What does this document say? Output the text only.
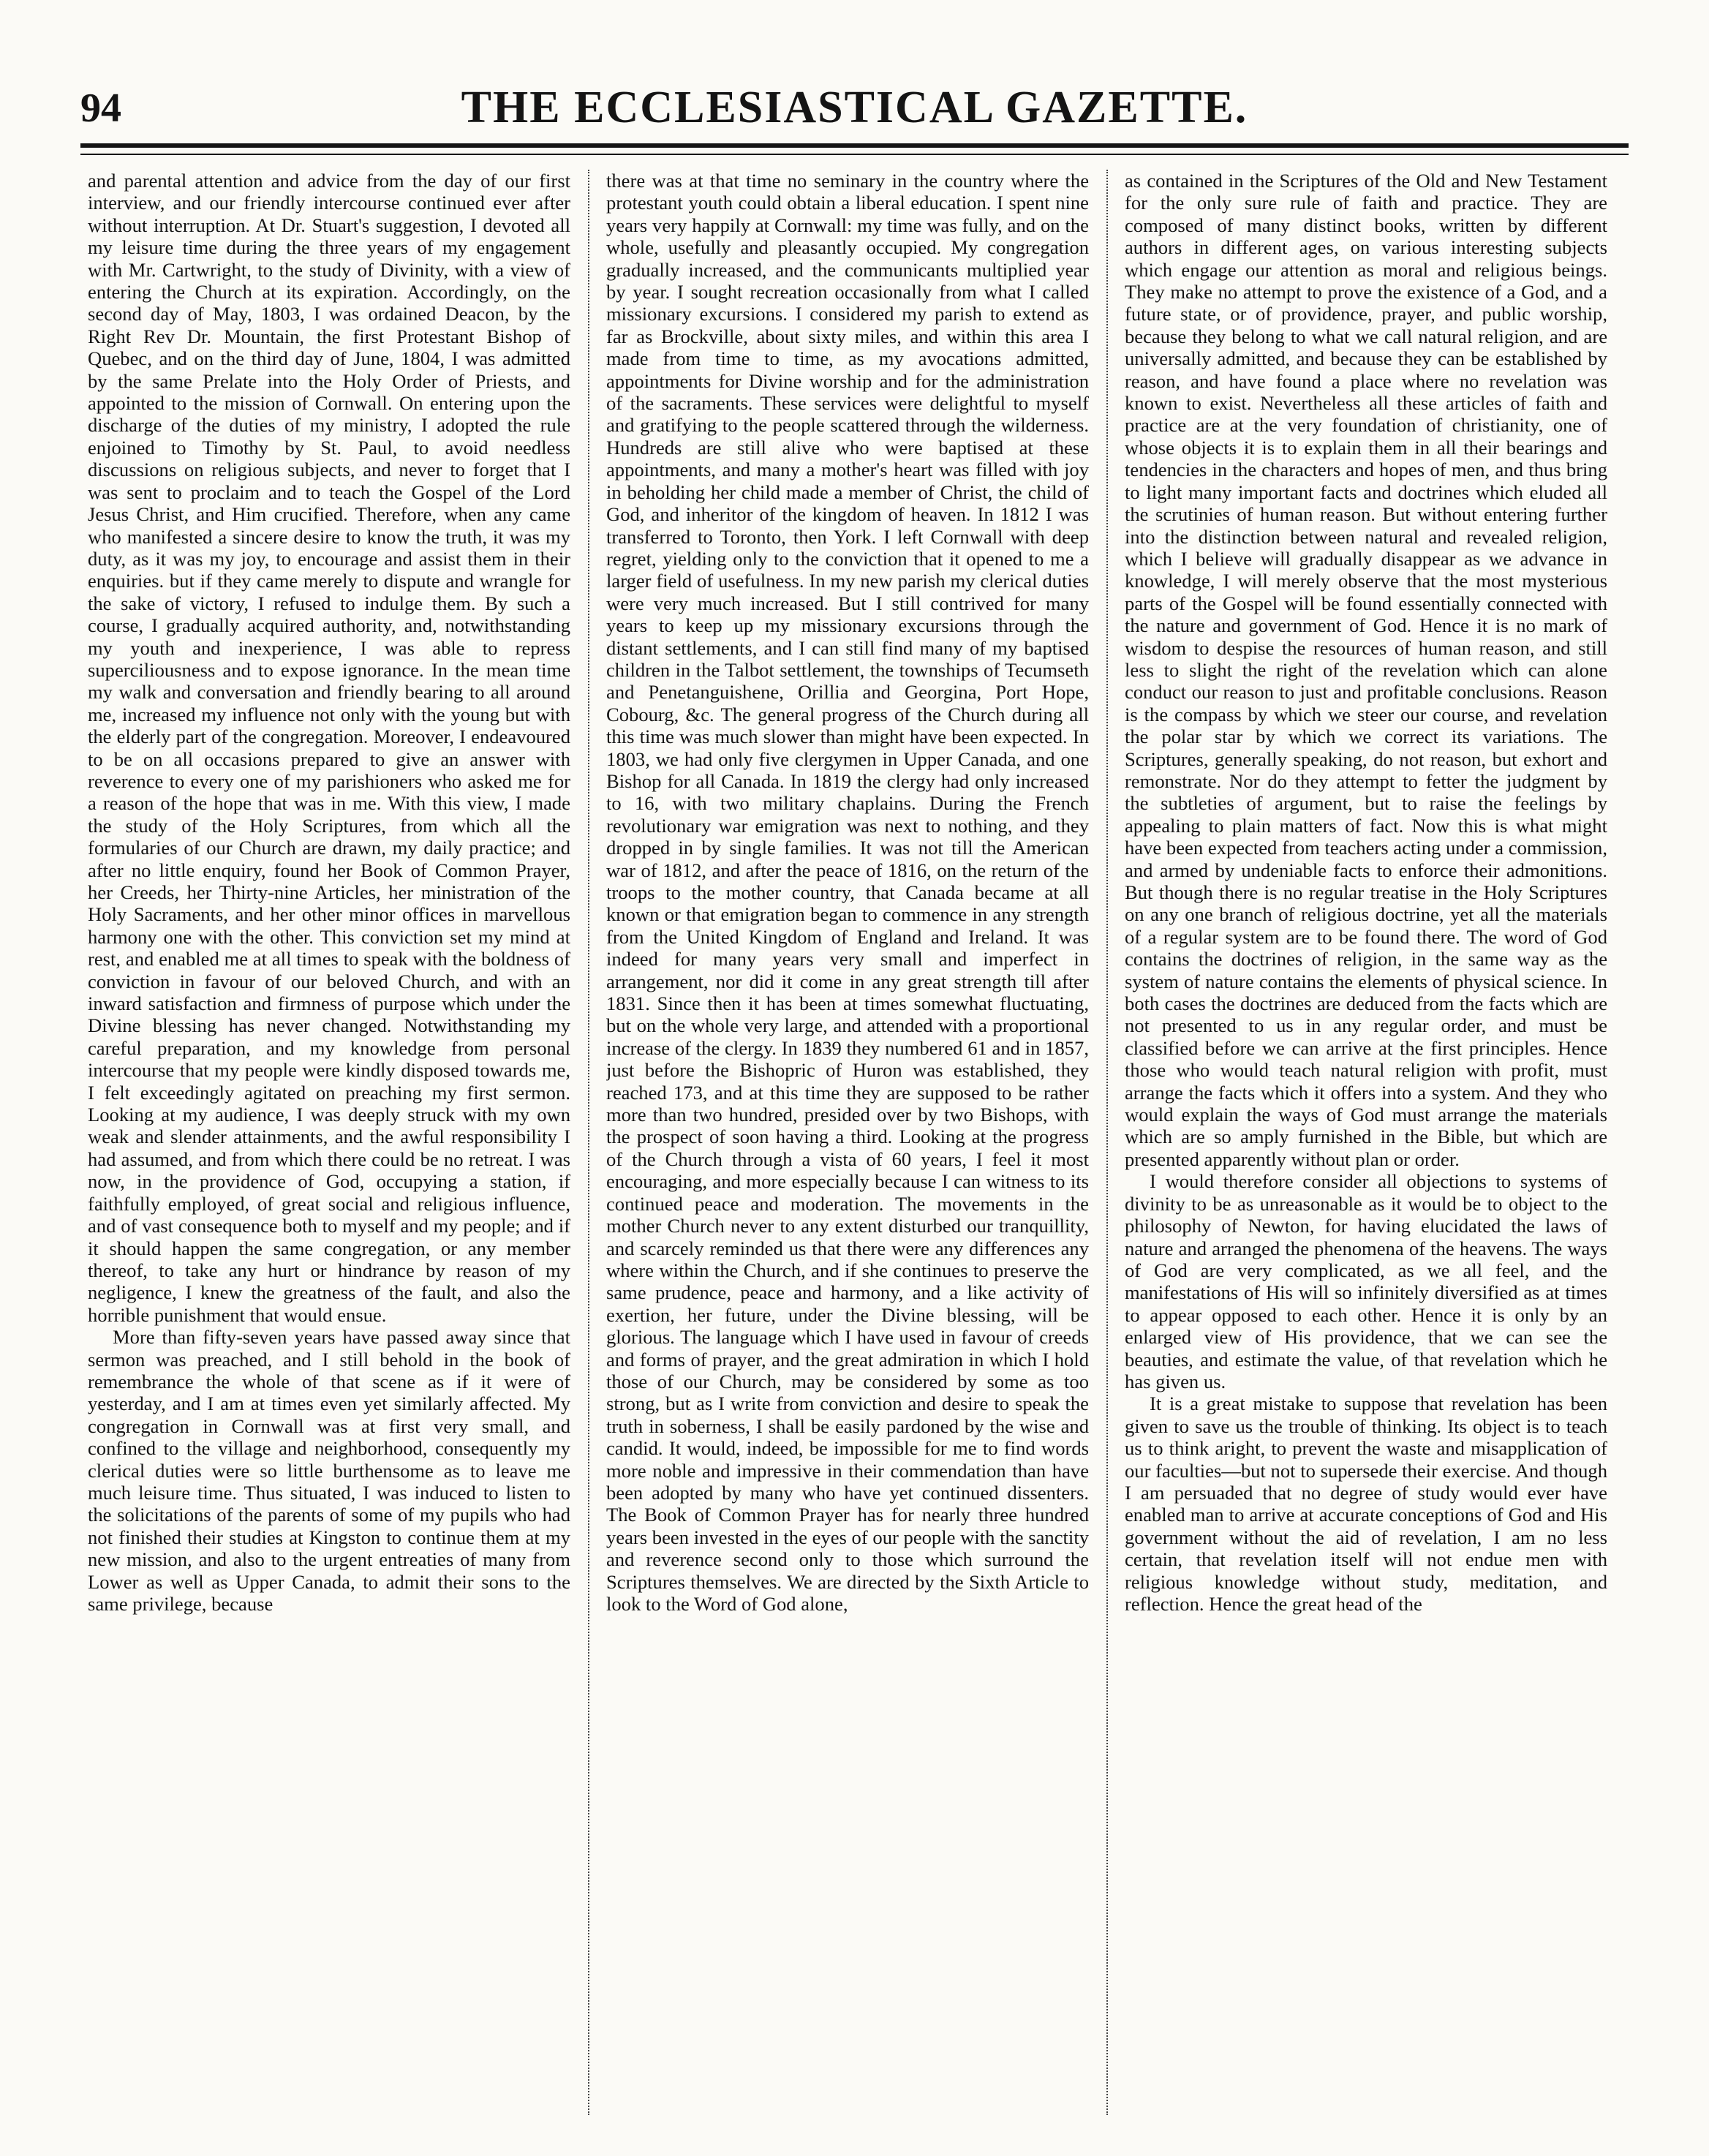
94	THE ECCLESIASTICAL GAZETTE.

and parental attention and advice from the day of our first interview, and our friendly intercourse continued ever after without interruption. At Dr. Stuart's suggestion, I devoted all my leisure time during the three years of my engagement with Mr. Cartwright, to the study of Divinity, with a view of entering the Church at its expiration. Accordingly, on the second day of May, 1803, I was ordained Deacon, by the Right Rev Dr. Mountain, the first Protestant Bishop of Quebec, and on the third day of June, 1804, I was admitted by the same Prelate into the Holy Order of Priests, and appointed to the mission of Cornwall. On entering upon the discharge of the duties of my ministry, I adopted the rule enjoined to Timothy by St. Paul, to avoid needless discussions on religious subjects, and never to forget that I was sent to proclaim and to teach the Gospel of the Lord Jesus Christ, and Him crucified. Therefore, when any came who manifested a sincere desire to know the truth, it was my duty, as it was my joy, to encourage and assist them in their enquiries. but if they came merely to dispute and wrangle for the sake of victory, I refused to indulge them. By such a course, I gradually acquired authority, and, notwithstanding my youth and inexperience, I was able to repress superciliousness and to expose ignorance. In the mean time my walk and conversation and friendly bearing to all around me, increased my influence not only with the young but with the elderly part of the congregation. Moreover, I endeavoured to be on all occasions prepared to give an answer with reverence to every one of my parishioners who asked me for a reason of the hope that was in me. With this view, I made the study of the Holy Scriptures, from which all the formularies of our Church are drawn, my daily practice; and after no little enquiry, found her Book of Common Prayer, her Creeds, her Thirty-nine Articles, her ministration of the Holy Sacraments, and her other minor offices in marvellous harmony one with the other. This conviction set my mind at rest, and enabled me at all times to speak with the boldness of conviction in favour of our beloved Church, and with an inward satisfaction and firmness of purpose which under the Divine blessing has never changed. Notwithstanding my careful preparation, and my knowledge from personal intercourse that my people were kindly disposed towards me, I felt exceedingly agitated on preaching my first sermon. Looking at my audience, I was deeply struck with my own weak and slender attainments, and the awful responsibility I had assumed, and from which there could be no retreat. I was now, in the providence of God, occupying a station, if faithfully employed, of great social and religious influence, and of vast consequence both to myself and my people; and if it should happen the same congregation, or any member thereof, to take any hurt or hindrance by reason of my negligence, I knew the greatness of the fault, and also the horrible punishment that would ensue.

More than fifty-seven years have passed away since that sermon was preached, and I still behold in the book of remembrance the whole of that scene as if it were of yesterday, and I am at times even yet similarly affected. My congregation in Cornwall was at first very small, and confined to the village and neighborhood, consequently my clerical duties were so little burthensome as to leave me much leisure time. Thus situated, I was induced to listen to the solicitations of the parents of some of my pupils who had not finished their studies at Kingston to continue them at my new mission, and also to the urgent entreaties of many from Lower as well as Upper Canada, to admit their sons to the same privilege, because

there was at that time no seminary in the country where the protestant youth could obtain a liberal education. I spent nine years very happily at Cornwall: my time was fully, and on the whole, usefully and pleasantly occupied. My congregation gradually increased, and the communicants multiplied year by year. I sought recreation occasionally from what I called missionary excursions. I considered my parish to extend as far as Brockville, about sixty miles, and within this area I made from time to time, as my avocations admitted, appointments for Divine worship and for the administration of the sacraments. These services were delightful to myself and gratifying to the people scattered through the wilderness. Hundreds are still alive who were baptised at these appointments, and many a mother's heart was filled with joy in beholding her child made a member of Christ, the child of God, and inheritor of the kingdom of heaven. In 1812 I was transferred to Toronto, then York. I left Cornwall with deep regret, yielding only to the conviction that it opened to me a larger field of usefulness. In my new parish my clerical duties were very much increased. But I still contrived for many years to keep up my missionary excursions through the distant settlements, and I can still find many of my baptised children in the Talbot settlement, the townships of Tecumseth and Penetanguishene, Orillia and Georgina, Port Hope, Cobourg, &c. The general progress of the Church during all this time was much slower than might have been expected. In 1803, we had only five clergymen in Upper Canada, and one Bishop for all Canada. In 1819 the clergy had only increased to 16, with two military chaplains. During the French revolutionary war emigration was next to nothing, and they dropped in by single families. It was not till the American war of 1812, and after the peace of 1816, on the return of the troops to the mother country, that Canada became at all known or that emigration began to commence in any strength from the United Kingdom of England and Ireland. It was indeed for many years very small and imperfect in arrangement, nor did it come in any great strength till after 1831. Since then it has been at times somewhat fluctuating, but on the whole very large, and attended with a proportional increase of the clergy. In 1839 they numbered 61 and in 1857, just before the Bishopric of Huron was established, they reached 173, and at this time they are supposed to be rather more than two hundred, presided over by two Bishops, with the prospect of soon having a third. Looking at the progress of the Church through a vista of 60 years, I feel it most encouraging, and more especially because I can witness to its continued peace and moderation. The movements in the mother Church never to any extent disturbed our tranquillity, and scarcely reminded us that there were any differences any where within the Church, and if she continues to preserve the same prudence, peace and harmony, and a like activity of exertion, her future, under the Divine blessing, will be glorious. The language which I have used in favour of creeds and forms of prayer, and the great admiration in which I hold those of our Church, may be considered by some as too strong, but as I write from conviction and desire to speak the truth in soberness, I shall be easily pardoned by the wise and candid. It would, indeed, be impossible for me to find words more noble and impressive in their commendation than have been adopted by many who have yet continued dissenters. The Book of Common Prayer has for nearly three hundred years been invested in the eyes of our people with the sanctity and reverence second only to those which surround the Scriptures themselves. We are directed by the Sixth Article to look to the Word of God alone,

as contained in the Scriptures of the Old and New Testament for the only sure rule of faith and practice. They are composed of many distinct books, written by different authors in different ages, on various interesting subjects which engage our attention as moral and religious beings. They make no attempt to prove the existence of a God, and a future state, or of providence, prayer, and public worship, because they belong to what we call natural religion, and are universally admitted, and because they can be established by reason, and have found a place where no revelation was known to exist. Nevertheless all these articles of faith and practice are at the very foundation of christianity, one of whose objects it is to explain them in all their bearings and tendencies in the characters and hopes of men, and thus bring to light many important facts and doctrines which eluded all the scrutinies of human reason. But without entering further into the distinction between natural and revealed religion, which I believe will gradually disappear as we advance in knowledge, I will merely observe that the most mysterious parts of the Gospel will be found essentially connected with the nature and government of God. Hence it is no mark of wisdom to despise the resources of human reason, and still less to slight the right of the revelation which can alone conduct our reason to just and profitable conclusions. Reason is the compass by which we steer our course, and revelation the polar star by which we correct its variations. The Scriptures, generally speaking, do not reason, but exhort and remonstrate. Nor do they attempt to fetter the judgment by the subtleties of argument, but to raise the feelings by appealing to plain matters of fact. Now this is what might have been expected from teachers acting under a commission, and armed by undeniable facts to enforce their admonitions. But though there is no regular treatise in the Holy Scriptures on any one branch of religious doctrine, yet all the materials of a regular system are to be found there. The word of God contains the doctrines of religion, in the same way as the system of nature contains the elements of physical science. In both cases the doctrines are deduced from the facts which are not presented to us in any regular order, and must be classified before we can arrive at the first principles. Hence those who would teach natural religion with profit, must arrange the facts which it offers into a system. And they who would explain the ways of God must arrange the materials which are so amply furnished in the Bible, but which are presented apparently without plan or order.

I would therefore consider all objections to systems of divinity to be as unreasonable as it would be to object to the philosophy of Newton, for having elucidated the laws of nature and arranged the phenomena of the heavens. The ways of God are very complicated, as we all feel, and the manifestations of His will so infinitely diversified as at times to appear opposed to each other. Hence it is only by an enlarged view of His providence, that we can see the beauties, and estimate the value, of that revelation which he has given us.

It is a great mistake to suppose that revelation has been given to save us the trouble of thinking. Its object is to teach us to think aright, to prevent the waste and misapplication of our faculties—but not to supersede their exercise. And though I am persuaded that no degree of study would ever have enabled man to arrive at accurate conceptions of God and His government without the aid of revelation, I am no less certain, that revelation itself will not endue men with religious knowledge without study, meditation, and reflection. Hence the great head of the
